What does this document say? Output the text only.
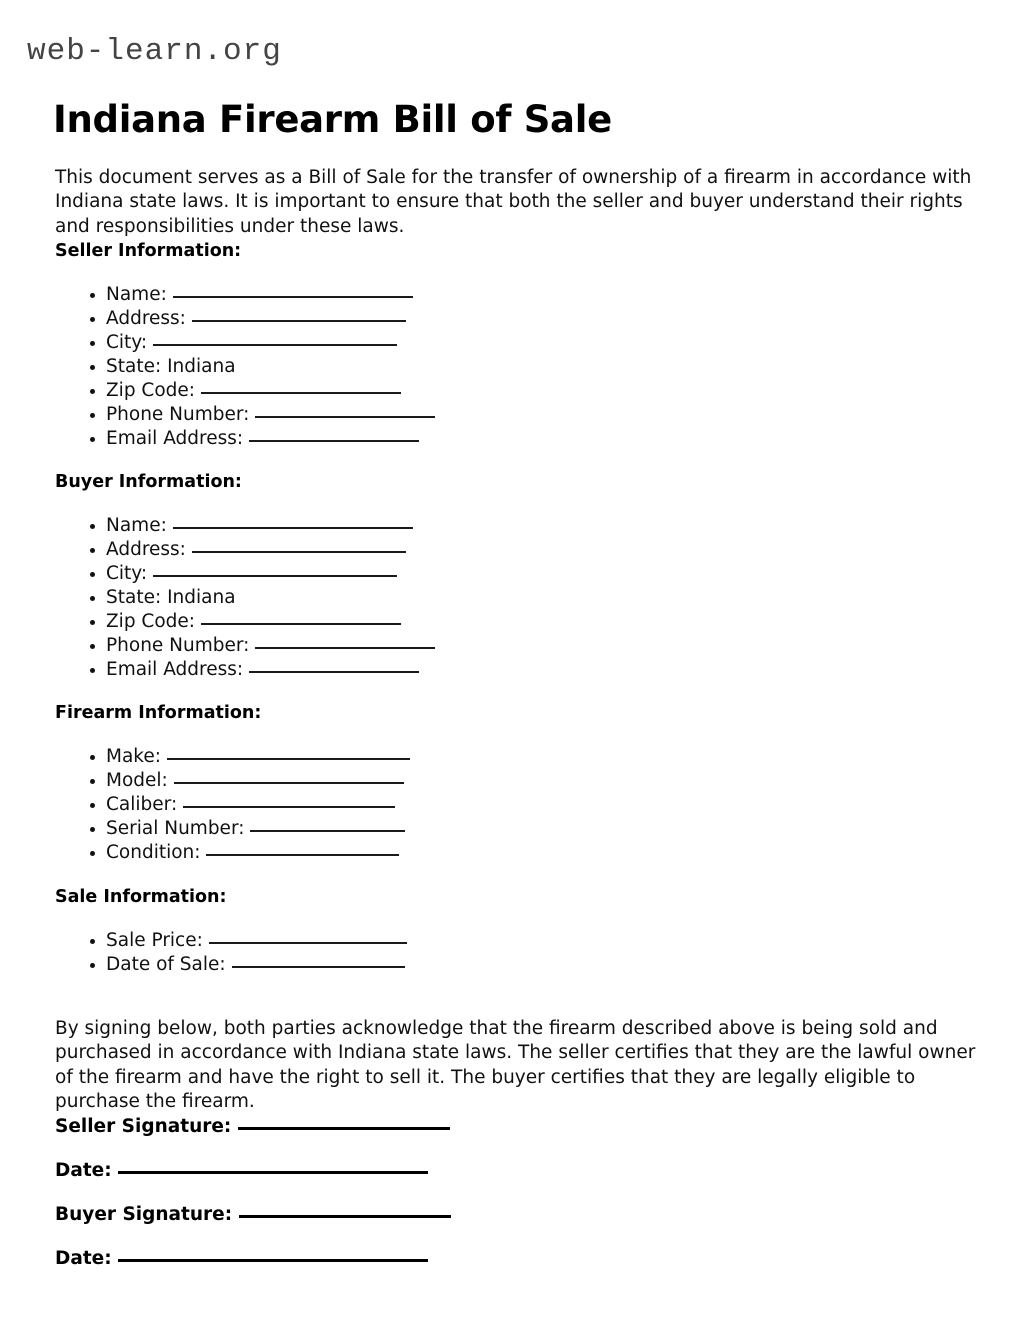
web-learn.org
Indiana Firearm Bill of Sale

This document serves as a Bill of Sale for the transfer of ownership of a firearm in accordance with Indiana state laws. It is important to ensure that both the seller and buyer understand their rights and responsibilities under these laws.

Seller Information:
Name:
Address:
City:
State: Indiana
Zip Code:
Phone Number:
Email Address:
Buyer Information:
Name:
Address:
City:
State: Indiana
Zip Code:
Phone Number:
Email Address:
Firearm Information:
Make:
Model:
Caliber:
Serial Number:
Condition:
Sale Information:
Sale Price:
Date of Sale:

By signing below, both parties acknowledge that the firearm described above is being sold and purchased in accordance with Indiana state laws. The seller certifies that they are the lawful owner of the firearm and have the right to sell it. The buyer certifies that they are legally eligible to purchase the firearm.

Seller Signature:
Date:
Buyer Signature:
Date:
